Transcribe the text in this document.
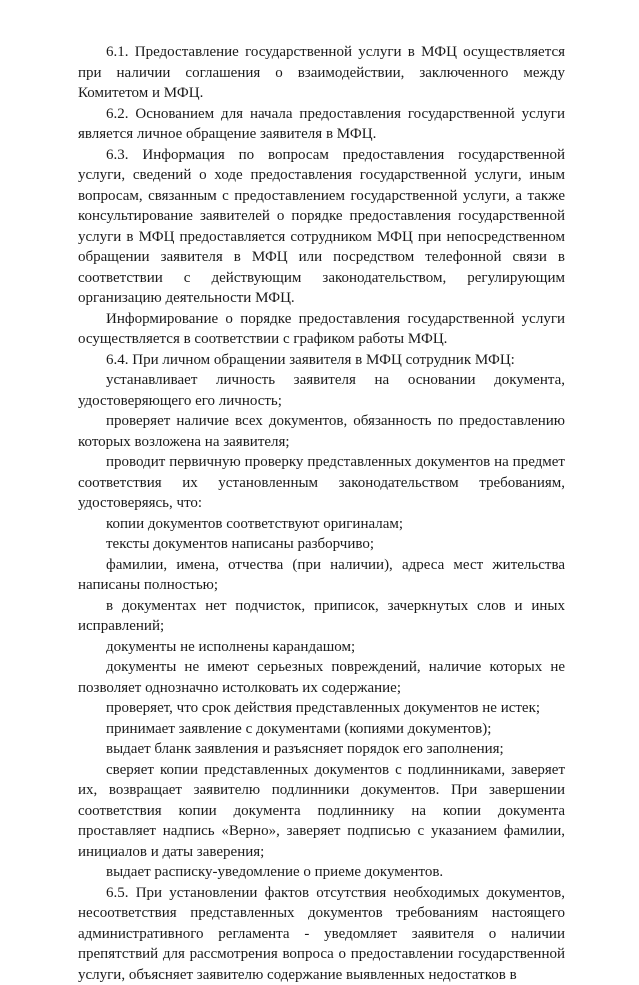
6.1. Предоставление государственной услуги в МФЦ осуществляется при наличии соглашения о взаимодействии, заключенного между Комитетом и МФЦ.

6.2. Основанием для начала предоставления государственной услуги является личное обращение заявителя в МФЦ.

6.3. Информация по вопросам предоставления государственной услуги, сведений о ходе предоставления государственной услуги, иным вопросам, связанным с предоставлением государственной услуги, а также консультирование заявителей о порядке предоставления государственной услуги в МФЦ предоставляется сотрудником МФЦ при непосредственном обращении заявителя в МФЦ или посредством телефонной связи в соответствии с действующим законодательством, регулирующим организацию деятельности МФЦ.

Информирование о порядке предоставления государственной услуги осуществляется в соответствии с графиком работы МФЦ.

6.4. При личном обращении заявителя в МФЦ сотрудник МФЦ:

устанавливает личность заявителя на основании документа, удостоверяющего его личность;

проверяет наличие всех документов, обязанность по предоставлению которых возложена на заявителя;

проводит первичную проверку представленных документов на предмет соответствия их установленным законодательством требованиям, удостоверяясь, что:

копии документов соответствуют оригиналам;

тексты документов написаны разборчиво;

фамилии, имена, отчества (при наличии), адреса мест жительства написаны полностью;

в документах нет подчисток, приписок, зачеркнутых слов и иных исправлений;

документы не исполнены карандашом;

документы не имеют серьезных повреждений, наличие которых не позволяет однозначно истолковать их содержание;

проверяет, что срок действия представленных документов не истек;

принимает заявление с документами (копиями документов);

выдает бланк заявления и разъясняет порядок его заполнения;

сверяет копии представленных документов с подлинниками, заверяет их, возвращает заявителю подлинники документов. При завершении соответствия копии документа подлиннику на копии документа проставляет надпись «Верно», заверяет подписью с указанием фамилии, инициалов и даты заверения;

выдает расписку-уведомление о приеме документов.

6.5. При установлении фактов отсутствия необходимых документов, несоответствия представленных документов требованиям настоящего административного регламента - уведомляет заявителя о наличии препятствий для рассмотрения вопроса о предоставлении государственной услуги, объясняет заявителю содержание выявленных недостатков в
